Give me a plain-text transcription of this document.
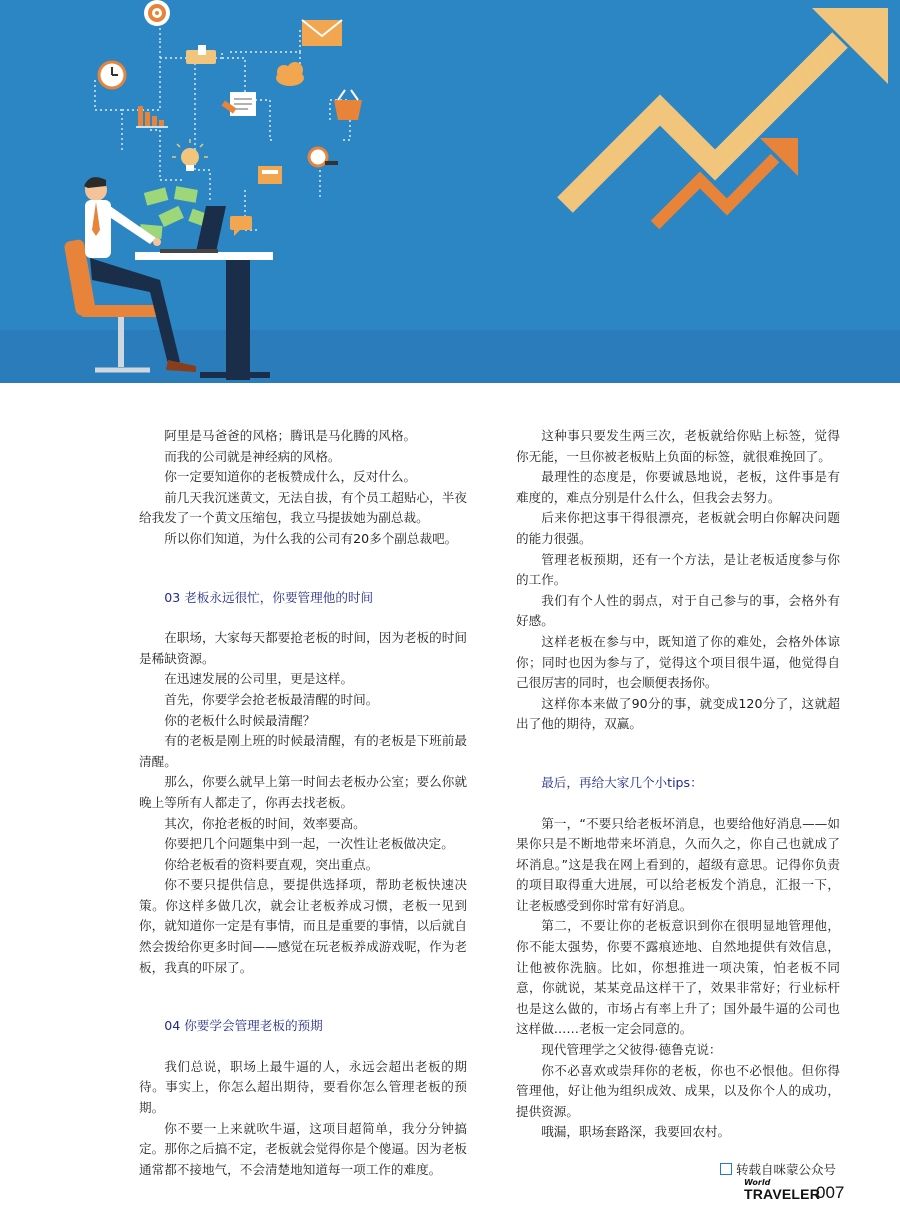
阿里是马爸爸的风格；腾讯是马化腾的风格。

而我的公司就是神经病的风格。

你一定要知道你的老板赞成什么，反对什么。

前几天我沉迷黄文，无法自拔，有个员工超贴心，半夜给我发了一个黄文压缩包，我立马提拔她为副总裁。

所以你们知道，为什么我的公司有20多个副总裁吧。

03 老板永远很忙，你要管理他的时间

在职场，大家每天都要抢老板的时间，因为老板的时间是稀缺资源。

在迅速发展的公司里，更是这样。

首先，你要学会抢老板最清醒的时间。

你的老板什么时候最清醒？

有的老板是刚上班的时候最清醒，有的老板是下班前最清醒。

那么，你要么就早上第一时间去老板办公室；要么你就晚上等所有人都走了，你再去找老板。

其次，你抢老板的时间，效率要高。

你要把几个问题集中到一起，一次性让老板做决定。

你给老板看的资料要直观，突出重点。

你不要只提供信息，要提供选择项，帮助老板快速决策。你这样多做几次，就会让老板养成习惯，老板一见到你，就知道你一定是有事情，而且是重要的事情，以后就自然会拨给你更多时间——感觉在玩老板养成游戏呢，作为老板，我真的吓尿了。

04 你要学会管理老板的预期

我们总说，职场上最牛逼的人，永远会超出老板的期待。事实上，你怎么超出期待，要看你怎么管理老板的预期。

你不要一上来就吹牛逼，这项目超简单，我分分钟搞定。那你之后搞不定，老板就会觉得你是个傻逼。因为老板通常都不接地气，不会清楚地知道每一项工作的难度。

这种事只要发生两三次，老板就给你贴上标签，觉得你无能，一旦你被老板贴上负面的标签，就很难挽回了。

最理性的态度是，你要诚恳地说，老板，这件事是有难度的，难点分别是什么什么，但我会去努力。

后来你把这事干得很漂亮，老板就会明白你解决问题的能力很强。

管理老板预期，还有一个方法，是让老板适度参与你的工作。

我们有个人性的弱点，对于自己参与的事，会格外有好感。

这样老板在参与中，既知道了你的难处，会格外体谅你；同时也因为参与了，觉得这个项目很牛逼，他觉得自己很厉害的同时，也会顺便表扬你。

这样你本来做了90分的事，就变成120分了，这就超出了他的期待，双赢。

最后，再给大家几个小tips：

第一，“不要只给老板坏消息，也要给他好消息——如果你只是不断地带来坏消息，久而久之，你自己也就成了坏消息。”这是我在网上看到的，超级有意思。记得你负责的项目取得重大进展，可以给老板发个消息，汇报一下，让老板感受到你时常有好消息。

第二，不要让你的老板意识到你在很明显地管理他，你不能太强势，你要不露痕迹地、自然地提供有效信息，让他被你洗脑。比如，你想推进一项决策，怕老板不同意，你就说，某某竞品这样干了，效果非常好；行业标杆也是这么做的，市场占有率上升了；国外最牛逼的公司也这样做……老板一定会同意的。

现代管理学之父彼得·德鲁克说：

你不必喜欢或崇拜你的老板，你也不必恨他。但你得管理他，好让他为组织成效、成果，以及你个人的成功，提供资源。

哦漏，职场套路深，我要回农村。

转载自咪蒙公众号
World
TRAVELER
007
